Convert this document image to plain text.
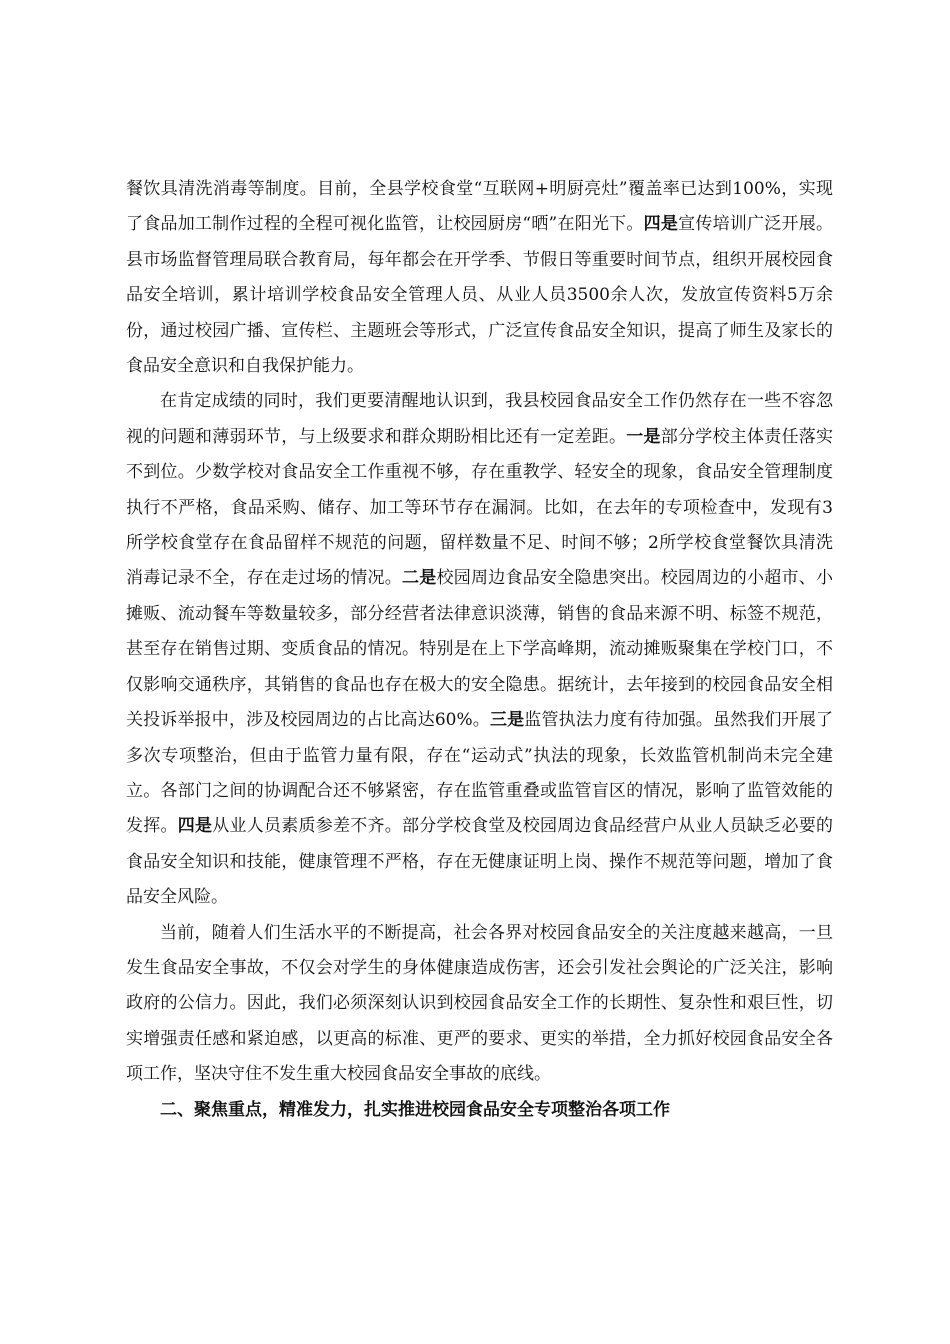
餐饮具清洗消毒等制度。目前，全县学校食堂“互联网+明厨亮灶”覆盖率已达到100%，实现了食品加工制作过程的全程可视化监管，让校园厨房“晒”在阳光下。四是宣传培训广泛开展。县市场监督管理局联合教育局，每年都会在开学季、节假日等重要时间节点，组织开展校园食品安全培训，累计培训学校食品安全管理人员、从业人员3500余人次，发放宣传资料5万余份，通过校园广播、宣传栏、主题班会等形式，广泛宣传食品安全知识，提高了师生及家长的食品安全意识和自我保护能力。

在肯定成绩的同时，我们更要清醒地认识到，我县校园食品安全工作仍然存在一些不容忽视的问题和薄弱环节，与上级要求和群众期盼相比还有一定差距。一是部分学校主体责任落实不到位。少数学校对食品安全工作重视不够，存在重教学、轻安全的现象，食品安全管理制度执行不严格，食品采购、储存、加工等环节存在漏洞。比如，在去年的专项检查中，发现有3所学校食堂存在食品留样不规范的问题，留样数量不足、时间不够；2所学校食堂餐饮具清洗消毒记录不全，存在走过场的情况。二是校园周边食品安全隐患突出。校园周边的小超市、小摊贩、流动餐车等数量较多，部分经营者法律意识淡薄，销售的食品来源不明、标签不规范，甚至存在销售过期、变质食品的情况。特别是在上下学高峰期，流动摊贩聚集在学校门口，不仅影响交通秩序，其销售的食品也存在极大的安全隐患。据统计，去年接到的校园食品安全相关投诉举报中，涉及校园周边的占比高达60%。三是监管执法力度有待加强。虽然我们开展了多次专项整治，但由于监管力量有限，存在“运动式”执法的现象，长效监管机制尚未完全建立。各部门之间的协调配合还不够紧密，存在监管重叠或监管盲区的情况，影响了监管效能的发挥。四是从业人员素质参差不齐。部分学校食堂及校园周边食品经营户从业人员缺乏必要的食品安全知识和技能，健康管理不严格，存在无健康证明上岗、操作不规范等问题，增加了食品安全风险。

当前，随着人们生活水平的不断提高，社会各界对校园食品安全的关注度越来越高，一旦发生食品安全事故，不仅会对学生的身体健康造成伤害，还会引发社会舆论的广泛关注，影响政府的公信力。因此，我们必须深刻认识到校园食品安全工作的长期性、复杂性和艰巨性，切实增强责任感和紧迫感，以更高的标准、更严的要求、更实的举措，全力抓好校园食品安全各项工作，坚决守住不发生重大校园食品安全事故的底线。

二、聚焦重点，精准发力，扎实推进校园食品安全专项整治各项工作
